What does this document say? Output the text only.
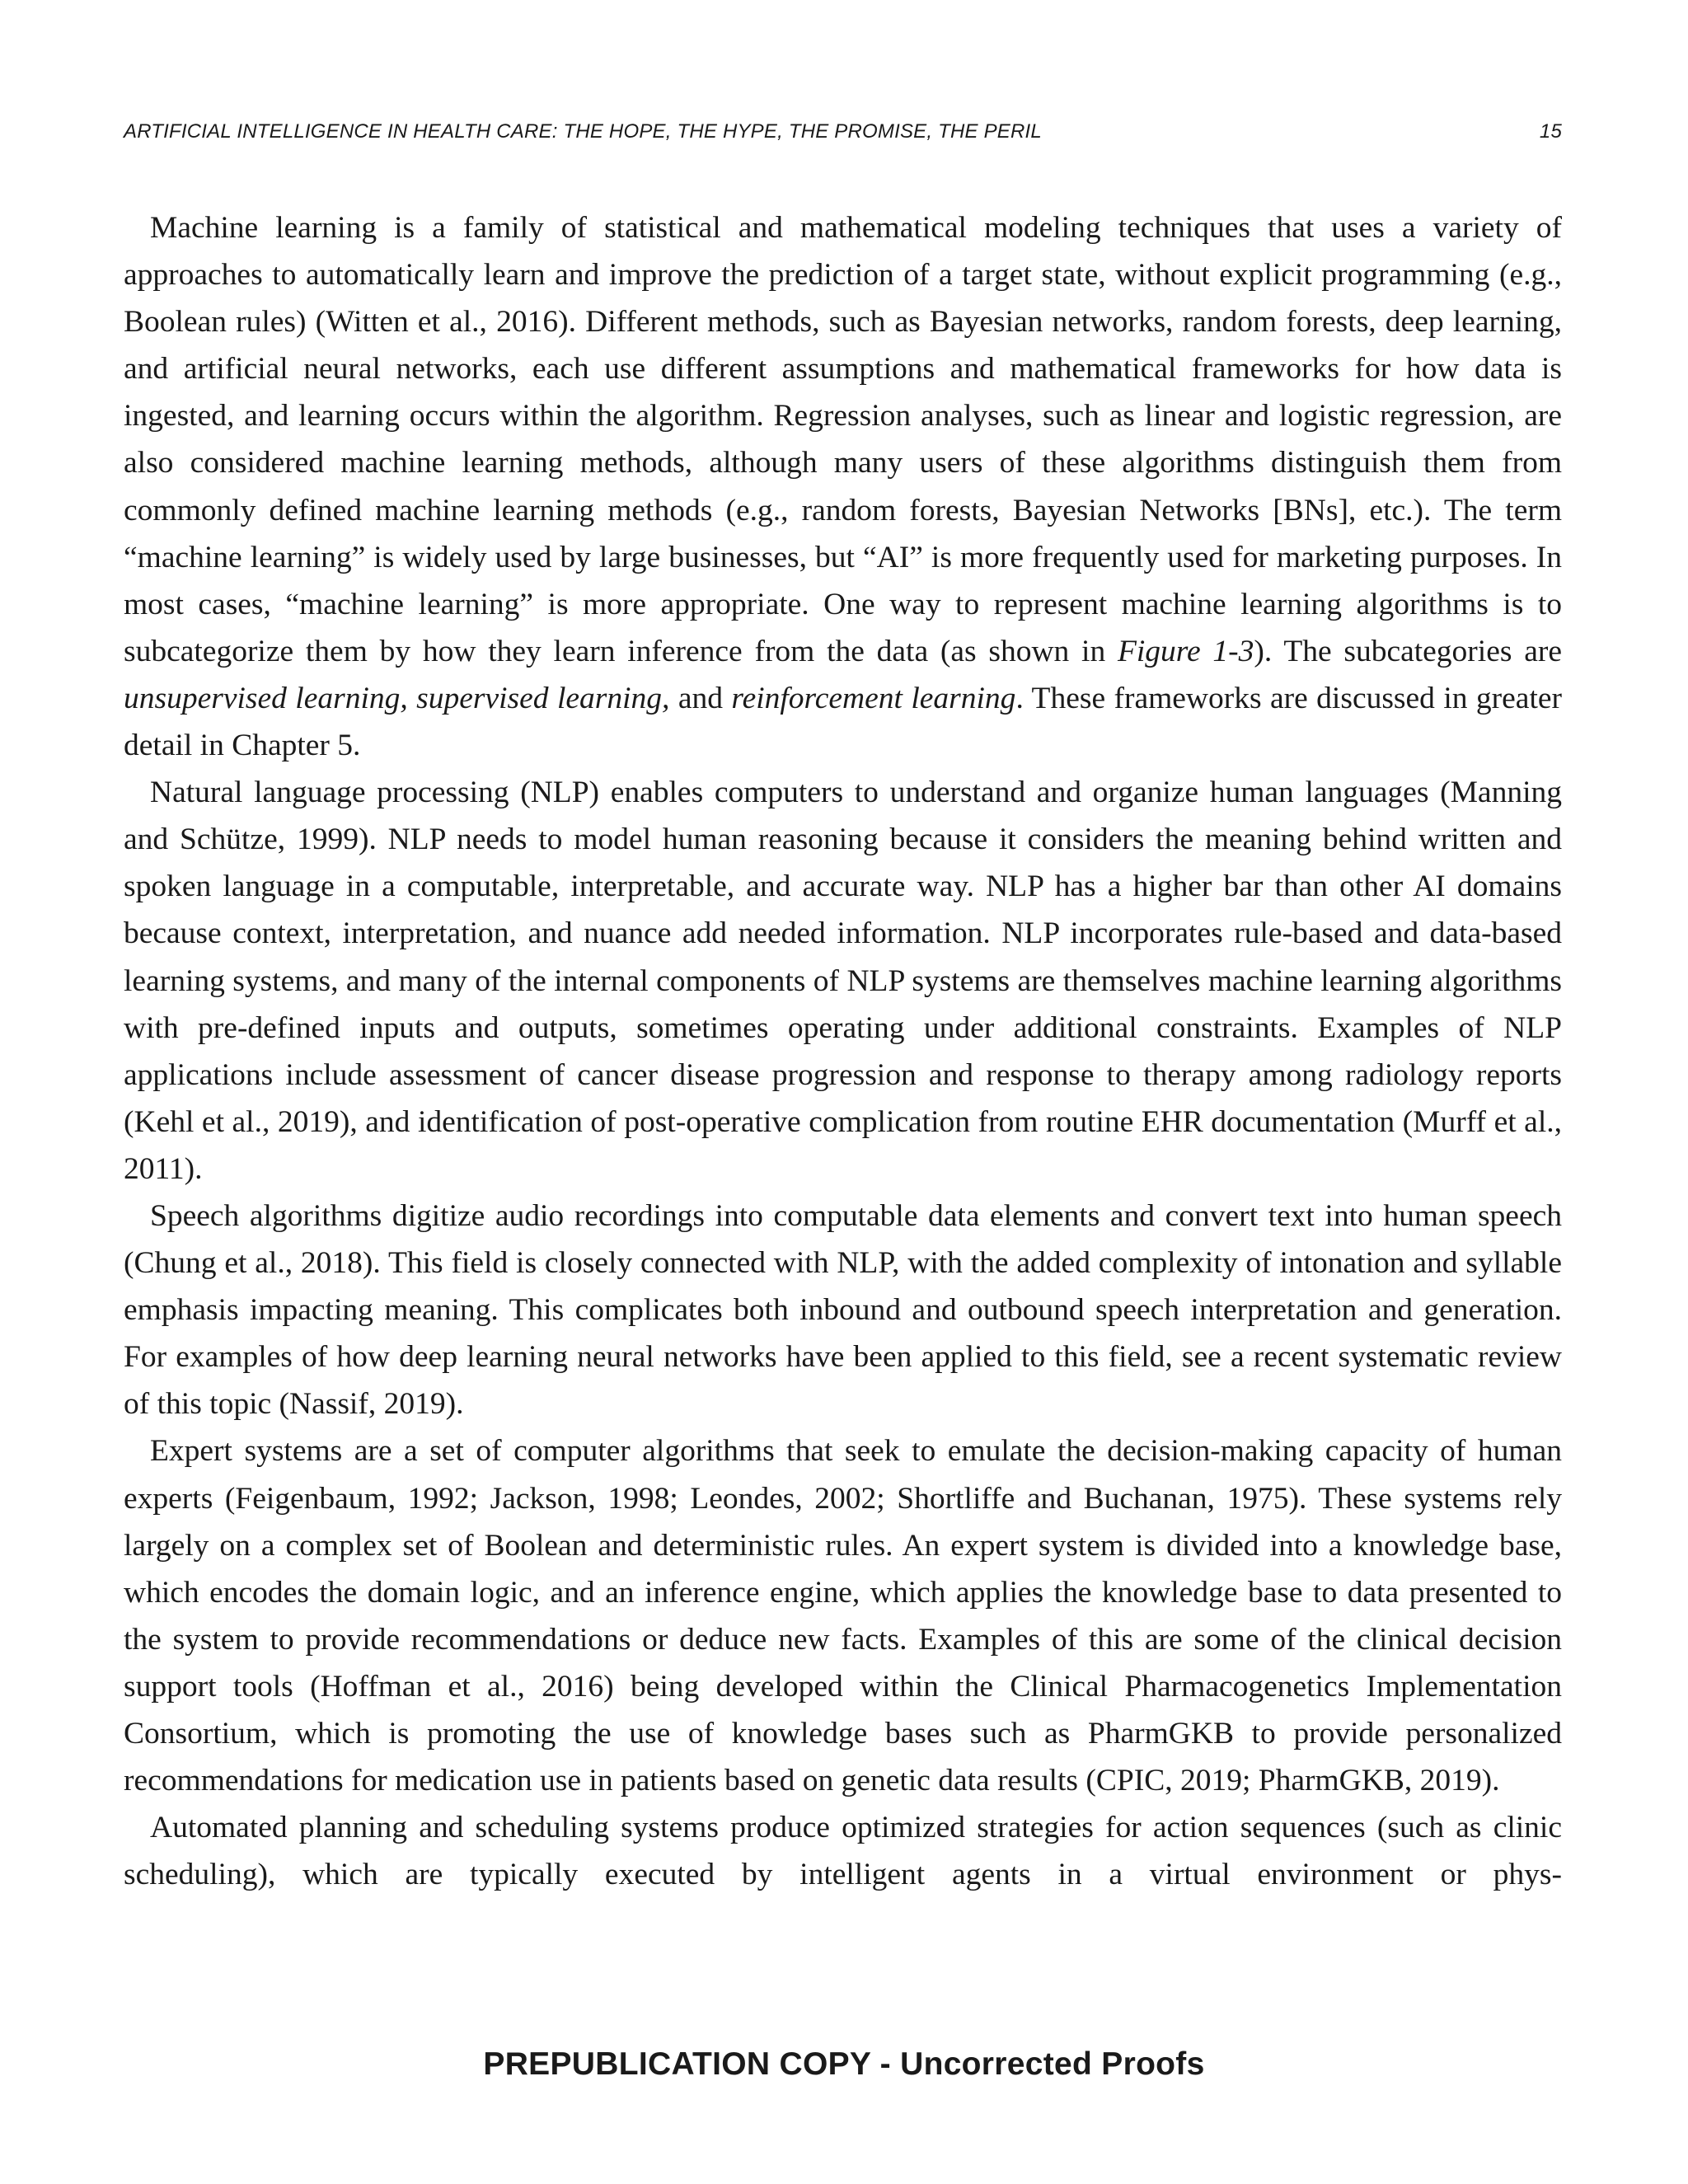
ARTIFICIAL INTELLIGENCE IN HEALTH CARE: THE HOPE, THE HYPE, THE PROMISE, THE PERIL	15

Machine learning is a family of statistical and mathematical modeling techniques that uses a variety of approaches to automatically learn and improve the prediction of a target state, without explicit programming (e.g., Boolean rules) (Witten et al., 2016). Different methods, such as Bayesian networks, random forests, deep learning, and artificial neural networks, each use different assumptions and mathematical frameworks for how data is ingested, and learning occurs within the algorithm. Regression analyses, such as linear and logistic regression, are also considered machine learning methods, although many users of these algorithms distinguish them from commonly defined machine learning methods (e.g., random forests, Bayesian Networks [BNs], etc.). The term “machine learning” is widely used by large businesses, but “AI” is more frequently used for marketing purposes. In most cases, “machine learning” is more appropriate. One way to represent machine learning algorithms is to subcategorize them by how they learn inference from the data (as shown in Figure 1-3). The subcategories are unsupervised learning, supervised learning, and reinforcement learning. These frameworks are discussed in greater detail in Chapter 5.

Natural language processing (NLP) enables computers to understand and organize human languages (Manning and Schütze, 1999). NLP needs to model human reasoning because it considers the meaning behind written and spoken language in a computable, interpretable, and accurate way. NLP has a higher bar than other AI domains because context, interpretation, and nuance add needed information. NLP incorporates rule-based and data-based learning systems, and many of the internal components of NLP systems are themselves machine learning algorithms with pre-defined inputs and outputs, sometimes operating under additional constraints. Examples of NLP applications include assessment of cancer disease progression and response to therapy among radiology reports (Kehl et al., 2019), and identification of post-operative complication from routine EHR documentation (Murff et al., 2011).

Speech algorithms digitize audio recordings into computable data elements and convert text into human speech (Chung et al., 2018). This field is closely connected with NLP, with the added complexity of intonation and syllable emphasis impacting meaning. This complicates both inbound and outbound speech interpretation and generation. For examples of how deep learning neural networks have been applied to this field, see a recent systematic review of this topic (Nassif, 2019).

Expert systems are a set of computer algorithms that seek to emulate the decision-making capacity of human experts (Feigenbaum, 1992; Jackson, 1998; Leondes, 2002; Shortliffe and Buchanan, 1975). These systems rely largely on a complex set of Boolean and deterministic rules. An expert system is divided into a knowledge base, which encodes the domain logic, and an inference engine, which applies the knowledge base to data presented to the system to provide recommendations or deduce new facts. Examples of this are some of the clinical decision support tools (Hoffman et al., 2016) being developed within the Clinical Pharmacogenetics Implementation Consortium, which is promoting the use of knowledge bases such as PharmGKB to provide personalized recommendations for medication use in patients based on genetic data results (CPIC, 2019; PharmGKB, 2019).

Automated planning and scheduling systems produce optimized strategies for action sequences (such as clinic scheduling), which are typically executed by intelligent agents in a virtual environment or phys-

PREPUBLICATION COPY - Uncorrected Proofs
